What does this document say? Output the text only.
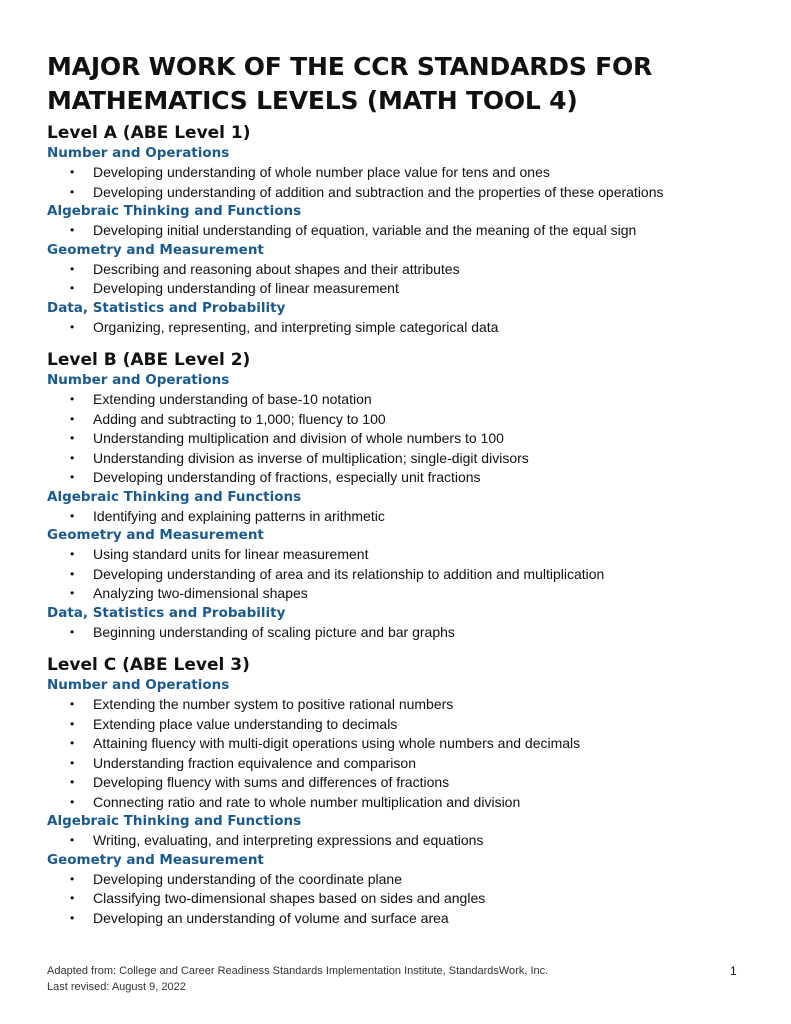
MAJOR WORK OF THE CCR STANDARDS FOR
MATHEMATICS LEVELS (MATH TOOL 4)
Level A (ABE Level 1)
Number and Operations
• Developing understanding of whole number place value for tens and ones
• Developing understanding of addition and subtraction and the properties of these operations
Algebraic Thinking and Functions
• Developing initial understanding of equation, variable and the meaning of the equal sign
Geometry and Measurement
• Describing and reasoning about shapes and their attributes
• Developing understanding of linear measurement
Data, Statistics and Probability
• Organizing, representing, and interpreting simple categorical data
Level B (ABE Level 2)
Number and Operations
• Extending understanding of base-10 notation
• Adding and subtracting to 1,000; fluency to 100
• Understanding multiplication and division of whole numbers to 100
• Understanding division as inverse of multiplication; single-digit divisors
• Developing understanding of fractions, especially unit fractions
Algebraic Thinking and Functions
• Identifying and explaining patterns in arithmetic
Geometry and Measurement
• Using standard units for linear measurement
• Developing understanding of area and its relationship to addition and multiplication
• Analyzing two-dimensional shapes
Data, Statistics and Probability
• Beginning understanding of scaling picture and bar graphs
Level C (ABE Level 3)
Number and Operations
• Extending the number system to positive rational numbers
• Extending place value understanding to decimals
• Attaining fluency with multi-digit operations using whole numbers and decimals
• Understanding fraction equivalence and comparison
• Developing fluency with sums and differences of fractions
• Connecting ratio and rate to whole number multiplication and division
Algebraic Thinking and Functions
• Writing, evaluating, and interpreting expressions and equations
Geometry and Measurement
• Developing understanding of the coordinate plane
• Classifying two-dimensional shapes based on sides and angles
• Developing an understanding of volume and surface area
Adapted from: College and Career Readiness Standards Implementation Institute, StandardsWork, Inc.
Last revised: August 9, 2022
1
